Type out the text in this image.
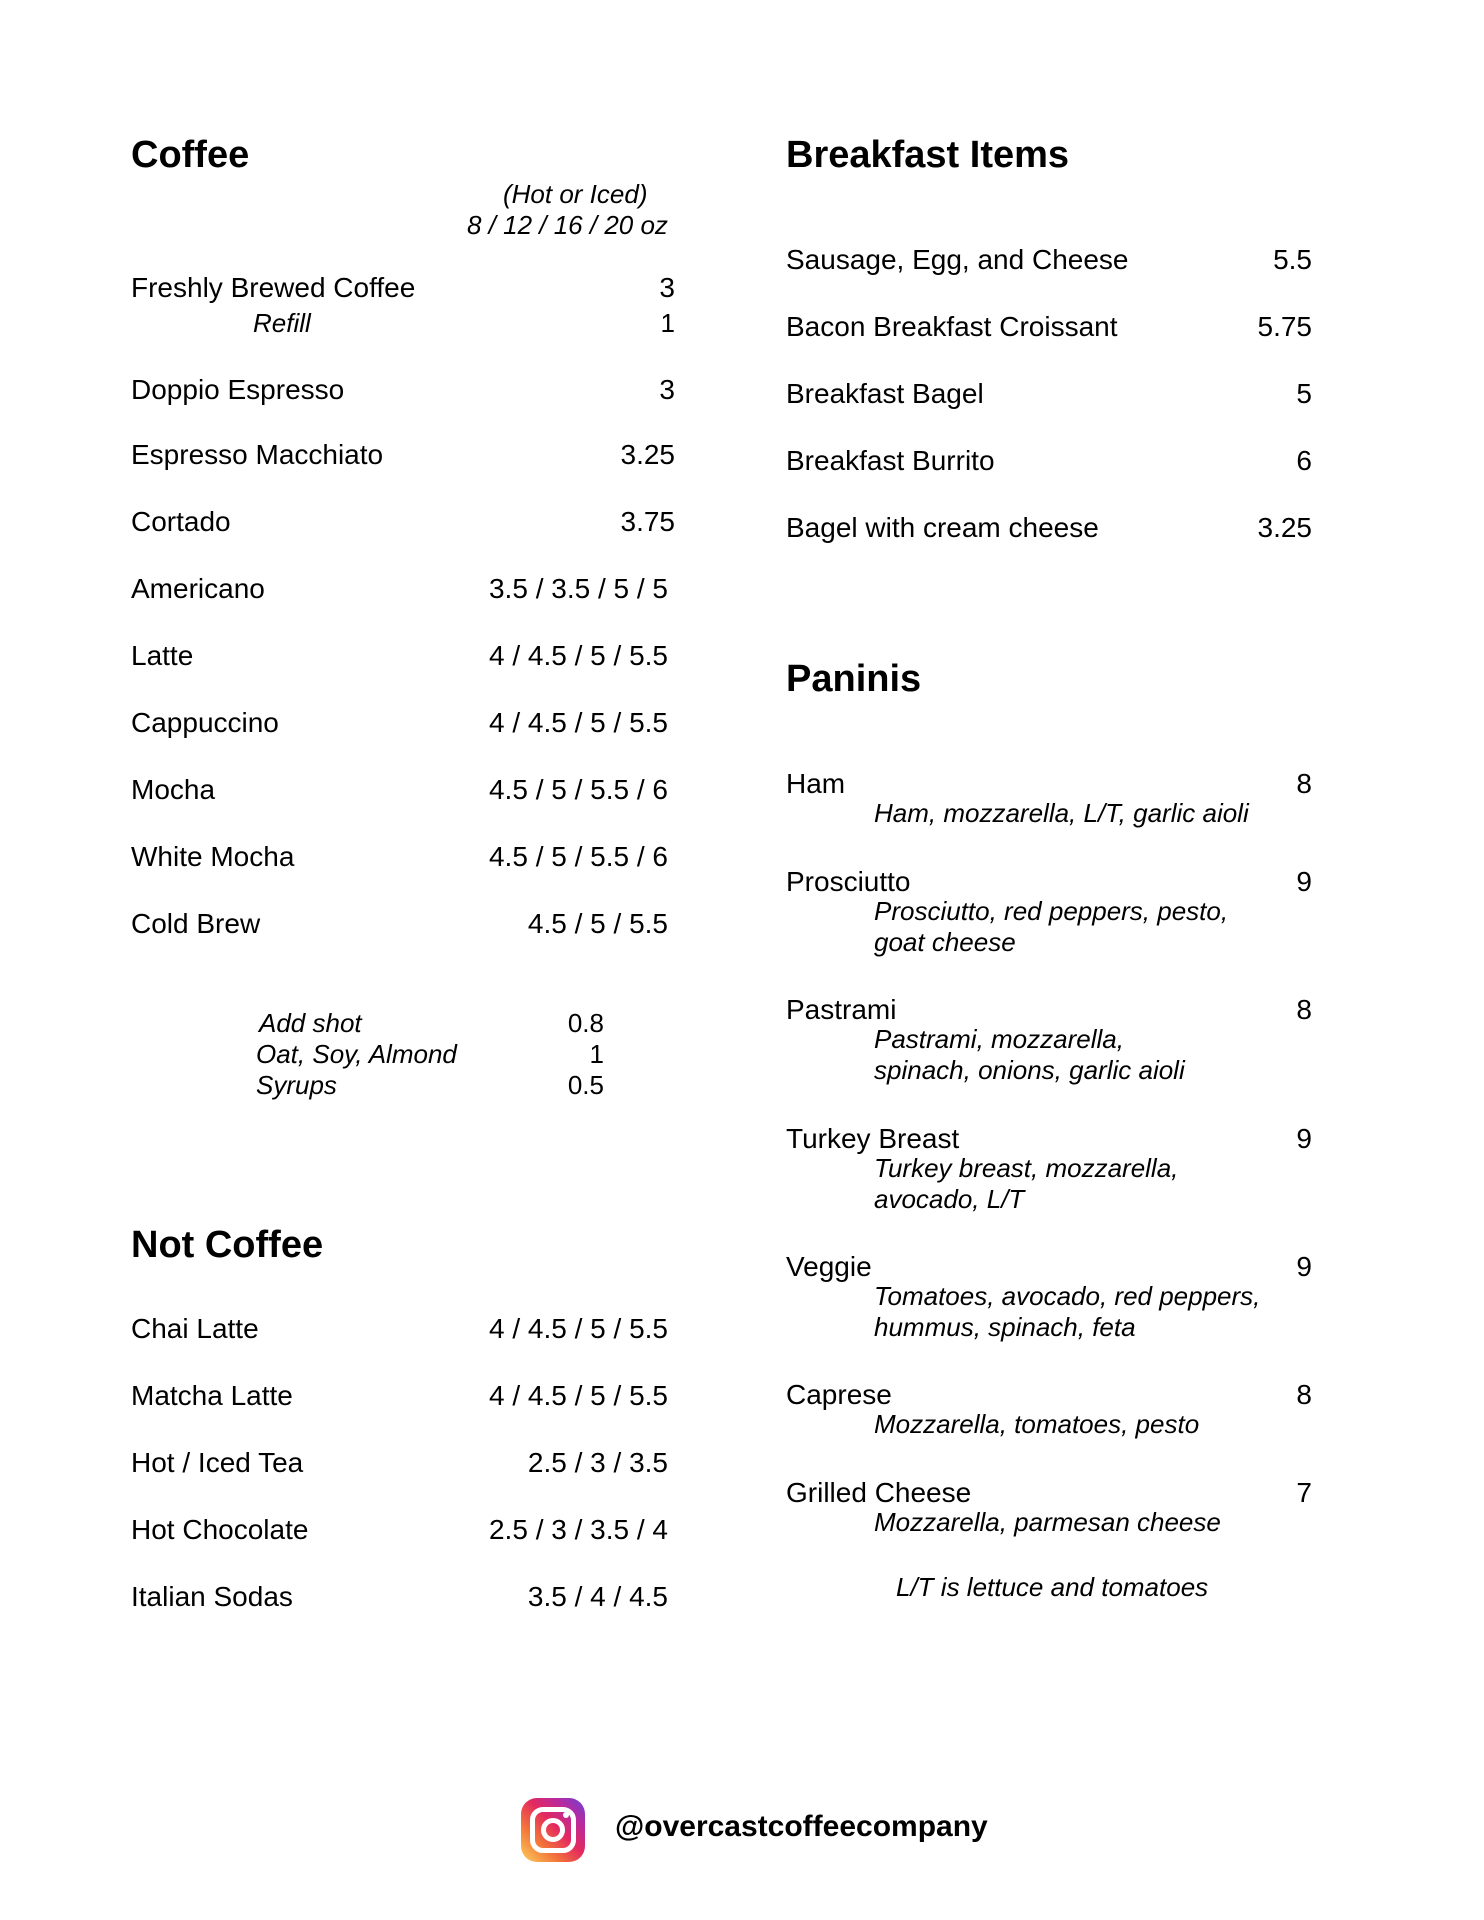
Coffee
(Hot or Iced)
8 / 12 / 16 / 20 oz
Freshly Brewed Coffee	3
Refill	1
Doppio Espresso	3
Espresso Macchiato	3.25
Cortado	3.75
Americano	3.5 / 3.5 / 5 / 5
Latte	4 / 4.5 / 5 / 5.5
Cappuccino	4 / 4.5 / 5 / 5.5
Mocha	4.5 / 5 / 5.5 / 6
White Mocha	4.5 / 5 / 5.5 / 6
Cold Brew	4.5 / 5 / 5.5
Add shot	0.8
Oat, Soy, Almond	1
Syrups	0.5
Not Coffee
Chai Latte	4 / 4.5 / 5 / 5.5
Matcha Latte	4 / 4.5 / 5 / 5.5
Hot / Iced Tea	2.5 / 3 / 3.5
Hot Chocolate	2.5 / 3 / 3.5 / 4
Italian Sodas	3.5 / 4 / 4.5
Breakfast Items
Sausage, Egg, and Cheese	5.5
Bacon Breakfast Croissant	5.75
Breakfast Bagel	5
Breakfast Burrito	6
Bagel with cream cheese	3.25
Paninis
Ham	8
Ham, mozzarella, L/T, garlic aioli
Prosciutto	9
Prosciutto, red peppers, pesto,
goat cheese
Pastrami	8
Pastrami, mozzarella,
spinach, onions, garlic aioli
Turkey Breast	9
Turkey breast, mozzarella,
avocado, L/T
Veggie	9
Tomatoes, avocado, red peppers,
hummus, spinach, feta
Caprese	8
Mozzarella, tomatoes, pesto
Grilled Cheese	7
Mozzarella, parmesan cheese
L/T is lettuce and tomatoes
@overcastcoffeecompany
